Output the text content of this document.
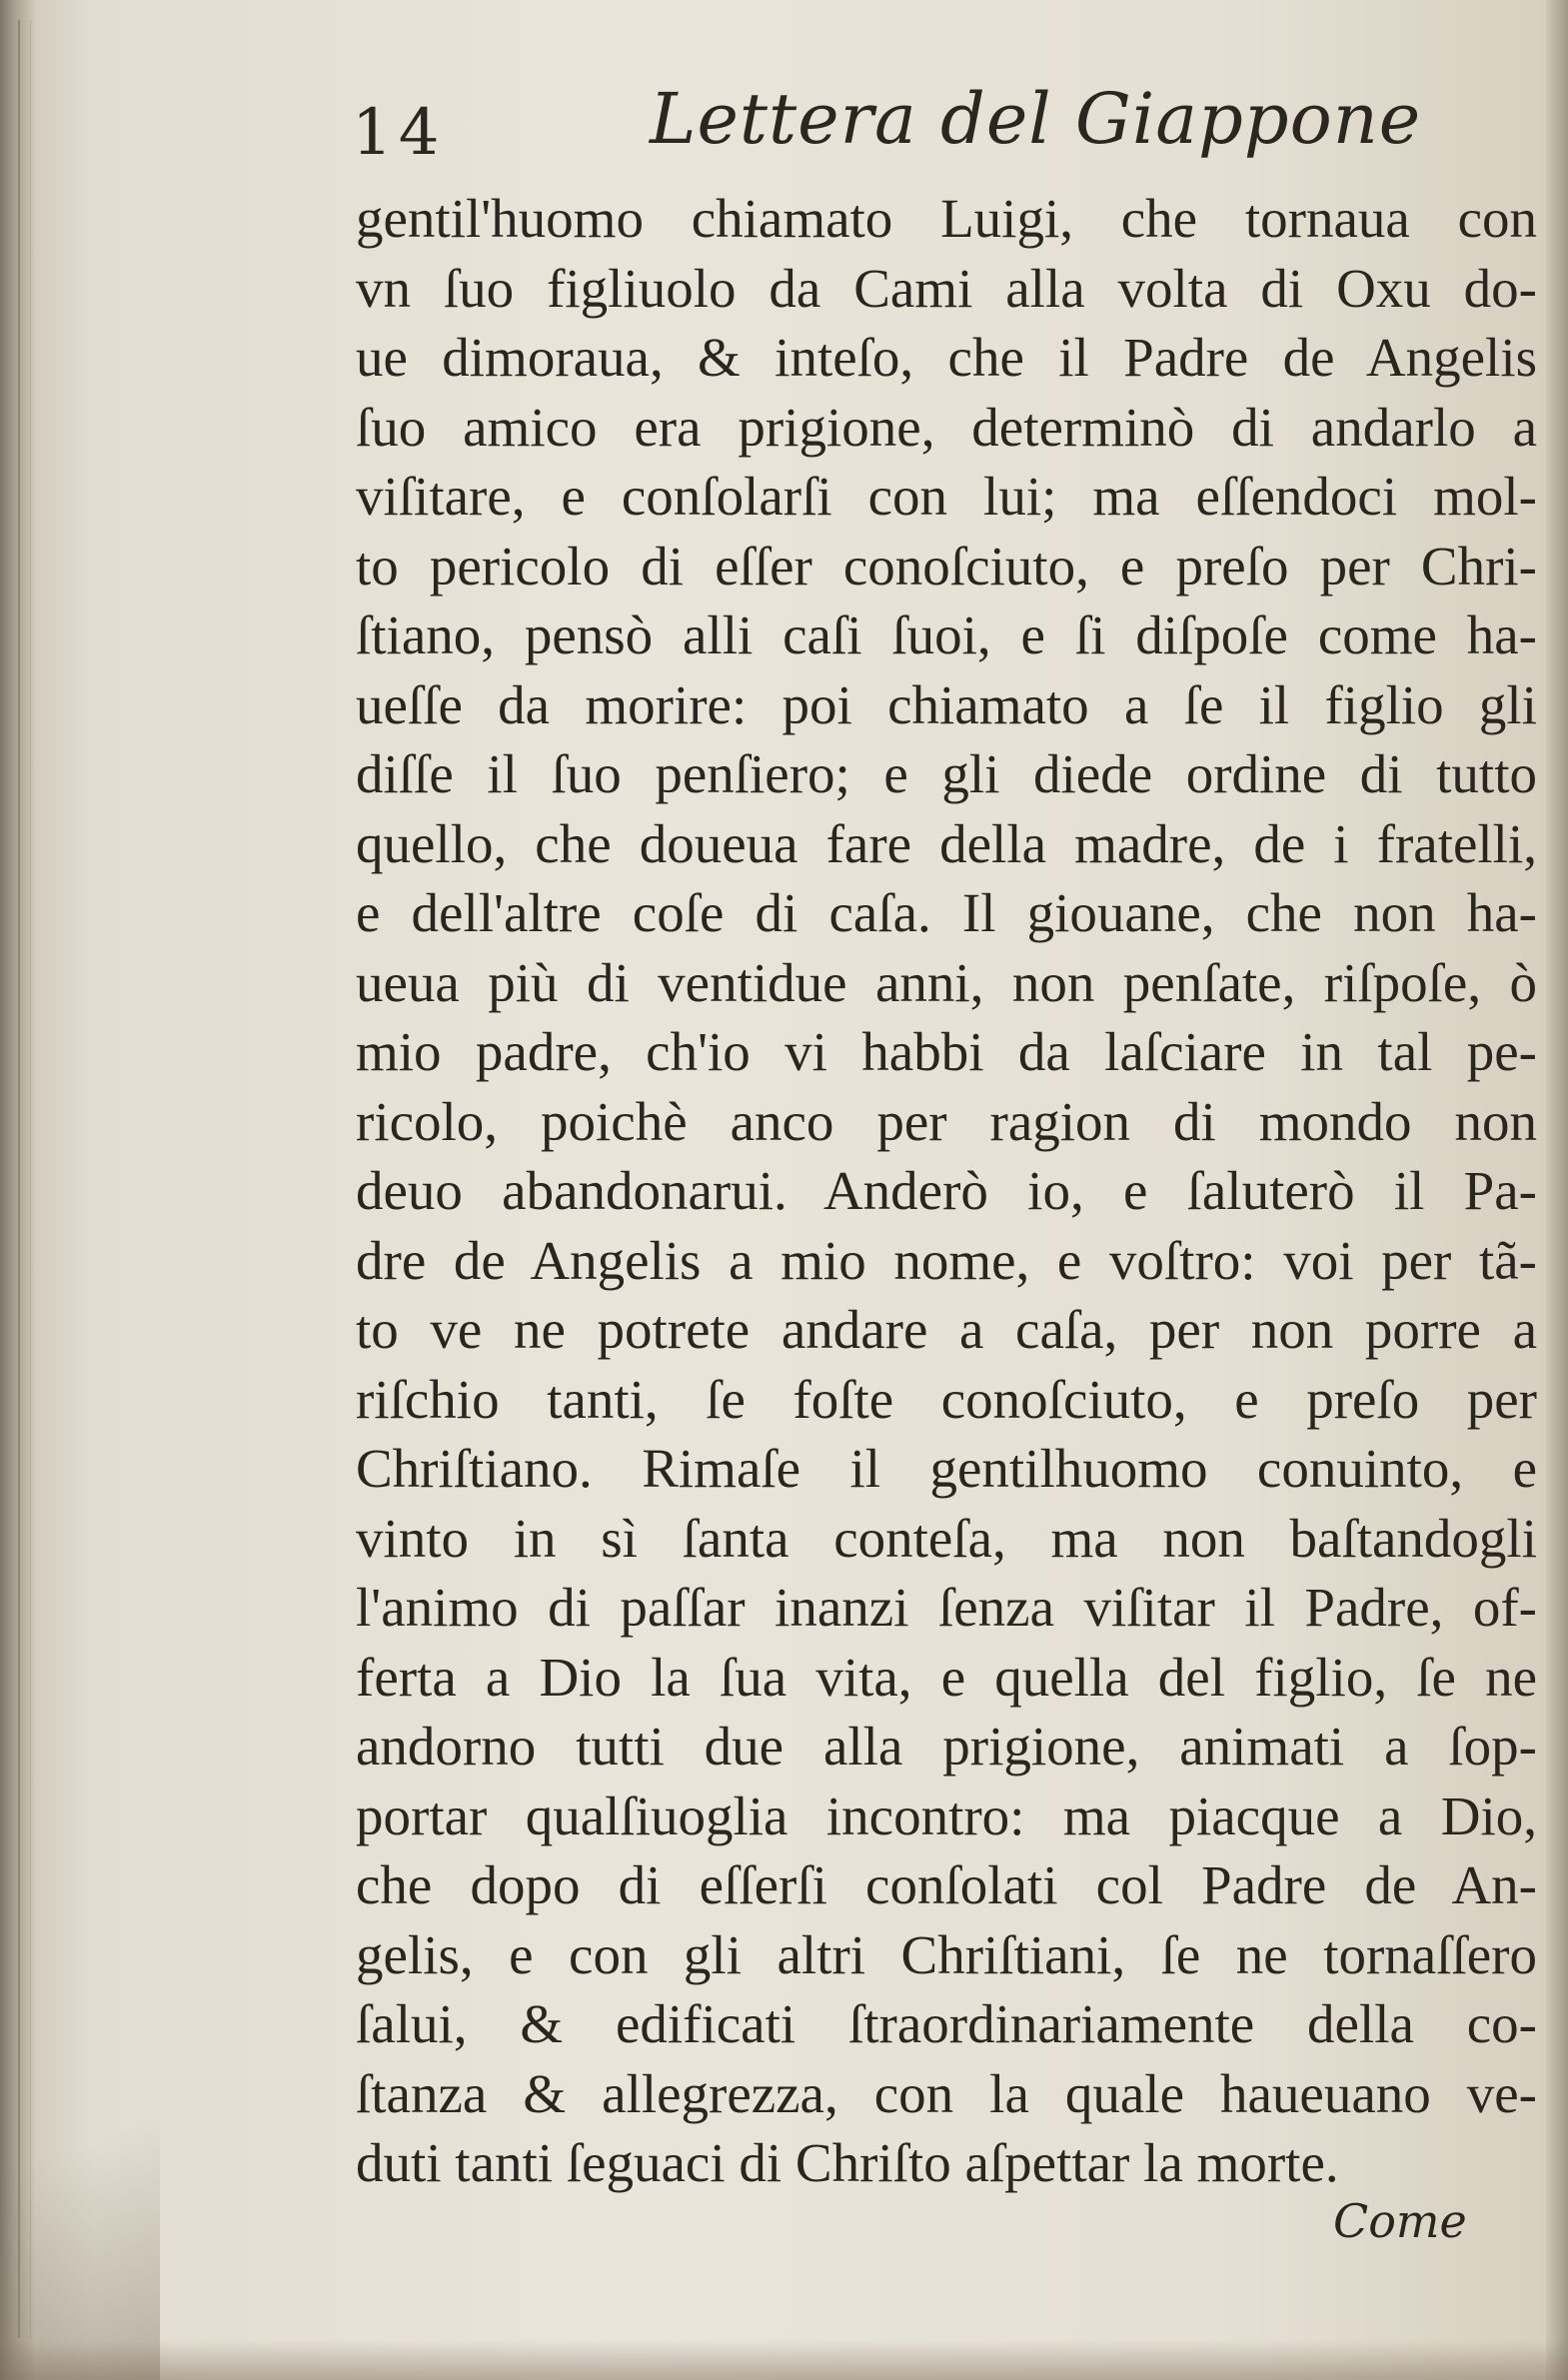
14	Lettera del Giappone
gentil'huomo chiamato Luigi, che tornaua con
vn ſuo figliuolo da Cami alla volta di Oxu do-
ue dimoraua, & inteſo, che il Padre de Angelis
ſuo amico era prigione, determinò di andarlo a
viſitare, e conſolarſi con lui; ma eſſendoci mol-
to pericolo di eſſer conoſciuto, e preſo per Chri-
ſtiano, pensò alli caſi ſuoi, e ſi diſpoſe come ha-
ueſſe da morire: poi chiamato a ſe il figlio gli
diſſe il ſuo penſiero; e gli diede ordine di tutto
quello, che doueua fare della madre, de i fratelli,
e dell'altre coſe di caſa. Il giouane, che non ha-
ueua più di ventidue anni, non penſate, riſpoſe, ò
mio padre, ch'io vi habbi da laſciare in tal pe-
ricolo, poichè anco per ragion di mondo non
deuo abandonarui. Anderò io, e ſaluterò il Pa-
dre de Angelis a mio nome, e voſtro: voi per tã-
to ve ne potrete andare a caſa, per non porre a
riſchio tanti, ſe foſte conoſciuto, e preſo per
Chriſtiano. Rimaſe il gentilhuomo conuinto, e
vinto in sì ſanta conteſa, ma non baſtandogli
l'animo di paſſar inanzi ſenza viſitar il Padre, of-
ferta a Dio la ſua vita, e quella del figlio, ſe ne
andorno tutti due alla prigione, animati a ſop-
portar qualſiuoglia incontro: ma piacque a Dio,
che dopo di eſſerſi conſolati col Padre de An-
gelis, e con gli altri Chriſtiani, ſe ne tornaſſero
ſalui, & edificati ſtraordinariamente della co-
ſtanza & allegrezza, con la quale haueuano ve-
duti tanti ſeguaci di Chriſto aſpettar la morte.
Come
